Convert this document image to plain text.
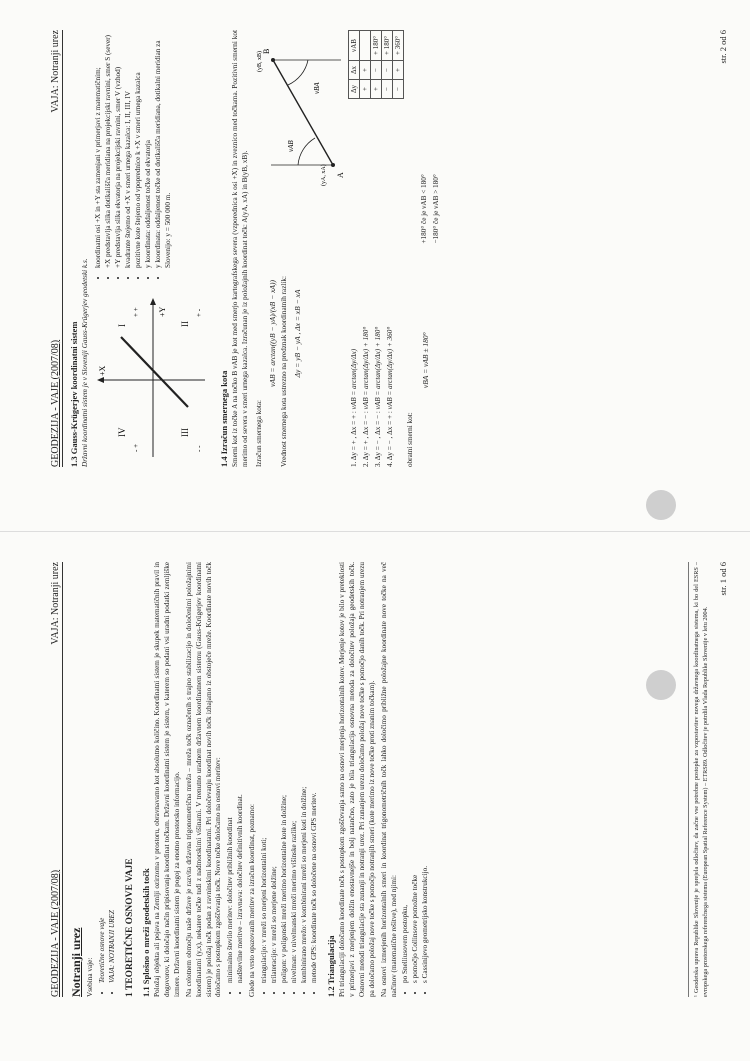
GEODEZIJA - VAJE (2007/08)
VAJA: Notranji urez
Notranji urez Vsebina vaje: • Teoretične osnove vaje • VAJA: NOTRANJI UREZ 1 TEORETIČNE OSNOVE VAJE 1.1 Splošno o mreži geodetskih točk Položaj objekta ali pojava na Zemlji ozirzoma v prostoru, obravnavamo kot absolutno količino. Koordinatni sistem je skupek matematičnih pravil in dogovorov, ki določajo način pripisovanja koordinat točkam. Državni koordinatni sistem je sistem, v katerem so podani vsi uradni podatki zemljiške izmere. Državni koordinatni sistem je pogoj za enotno prostorsko informacijo. Na celotnem območju naše države je razvita državna trigonometrična mreža – mreža točk označenih s trajno stabilizacijo in določenimi položajnimi koordinatami (y,x), nekatere točke tudi z nadmorskimi višinami. V trenutno uradnem državnem koordinatnem sistemu (Gauss-Krügerjev koordinatni sistem) je položaj točk podan z ravninskimi koordinatami. Pri določevanju koordinat novih točk izhajamo iz obstoječe mreže. Koordinate novih točk določamo s postopkom zgoščevanja točk. Nove točke določamo na osnovi meritev: • minimalno število meritev: določitev približnih koordinat • nadštevilne meritve – izravnava: določitev definitivnih koordinat. Glede na vrsto opazovanih meritev za izračun koordinat, poznamo: • triangulacijo: v mreži so merjeni horizontalni koti; • trilateracijo: v mreži so merjene dolžine; • poligon: v poligonski mreži merimo horizontalne kote in dolžine; • nivelman: v nivelmanski mreži merimo višinske razlike; • kombinirano mrežo: v kombinirani mreži so merjeni koti in dolžine; • metode GPS: koordinate točk so določene na osnovi GPS meritev. 1.2 Triangulacija Pri triangulaciji določamo koordinate točk s postopkom zgoščevanja samo na osnovi merjenja horizontalnih kotov. Merjenje kotov je bilo v preteklosti v primerjavi z merjenjem dolžin enostavnejše in bolj natančno, zato je bila triangulacija osnovna metoda za določitev položaja geodetskih točk. Osnovni metodi triangulacije sta zunanji in notranji urez. Pri zunanjem urezu določamo položaj nove točke s pomočjo danih točk. Pri notranjem urezu pa določamo položaj nove točke s pomočjo notranjih smeri (kote merimo iz nove točke proti znanim točkam). Na osnovi izmerjenih horizontalnih smeri in koordinat trigonometričnih točk lahko določimo približne položajne koordinate nove točke na več načinov (matematične rešitve), med njimi: • po Snelliusovem postopku, • s pomočjo Collinsove pomožne točke • s Cassinijevo geometrijsko konstrukcijo.	¹ Geodetska uprava Republike Slovenije je sprejela odločitev, da začne vse potrebne postopke za vzpostavitev novega državnega koordinatnega sistema, ki bo del ESRS – evropskega prostorskega referenčnega sistema (European Spatial Reference System) – ETRS89. Odločitev je potrdila Vlada Republike Slovenije v letu 2004.

str. 1 od 6
GEODEZIJA - VAJE (2007/08)
VAJA: Notranji urez
1.3 Gauss-Krügerjev koordinatni sistem Državni koordinatni sistem je v Sloveniji Gauss-Krügerjev geodetski k.s. +X
+Y
IV
I
III
II
- +
+ +
- -
+ -
• koordinatni osi +X in +Y sta zamenjani v primerjavi z matematičnim; • +X predstavlja slika dotikališča meridiana na projekcijski ravnini, smer S (sever) • +Y predstavlja slika ekvatorja na projekcijski ravnini, smer V (vzhod) • kvadrante štejemo od +X v smeri urnega kazalca: I, II, III, IV • pozitivne kote štejemo od vpoprednice k +X v smeri urnega kazalca • y koordinata: oddaljenost točke od ekvatorja • y koordinata: oddaljenost točke od dotikališča meridiana, dotikalni meridian za Slovenijo: y = 500 000 m.
1.4 Izračun smernega kota Smerni kot iz točke A na točko B νAB je kot med smerjo kartografskega severa (vzporednica k osi +X) in zveznico med točkama. Pozitivni smerni kot merimo od severa v smeri urnega kazalca. Izračunan je iz položajnih koordinat točk: A(yA, xA) in B(yB, xB). Izračun smernega kota:

νAB = arctan((yB − yA)/(xB − xA)) Vrednost smernega kota ustrezno na predznak koordinatnih razlik: Δy = yB − yA , Δx = xB − xA
A
B
(yA, xA)
(yB, xB)
νAB
νBA

1. Δy = + , Δx = + : νAB = arctan(Δy/Δx)

2. Δy = + , Δx = − : νAB = arctan(Δy/Δx) + 180°

3. Δy = − , Δx = − : νAB = arctan(Δy/Δx) + 180°

4. Δy = − , Δx = + : νAB = arctan(Δy/Δx) + 360°

Δy	Δx	νAB
+	+	
+	−	+ 180°
−	−	+ 180°
−	+	+ 360°

obratni smerni kot:

νBA = νAB ± 180°

+180° če je νAB < 180° −180° če je νAB > 180°

str. 2 od 6
